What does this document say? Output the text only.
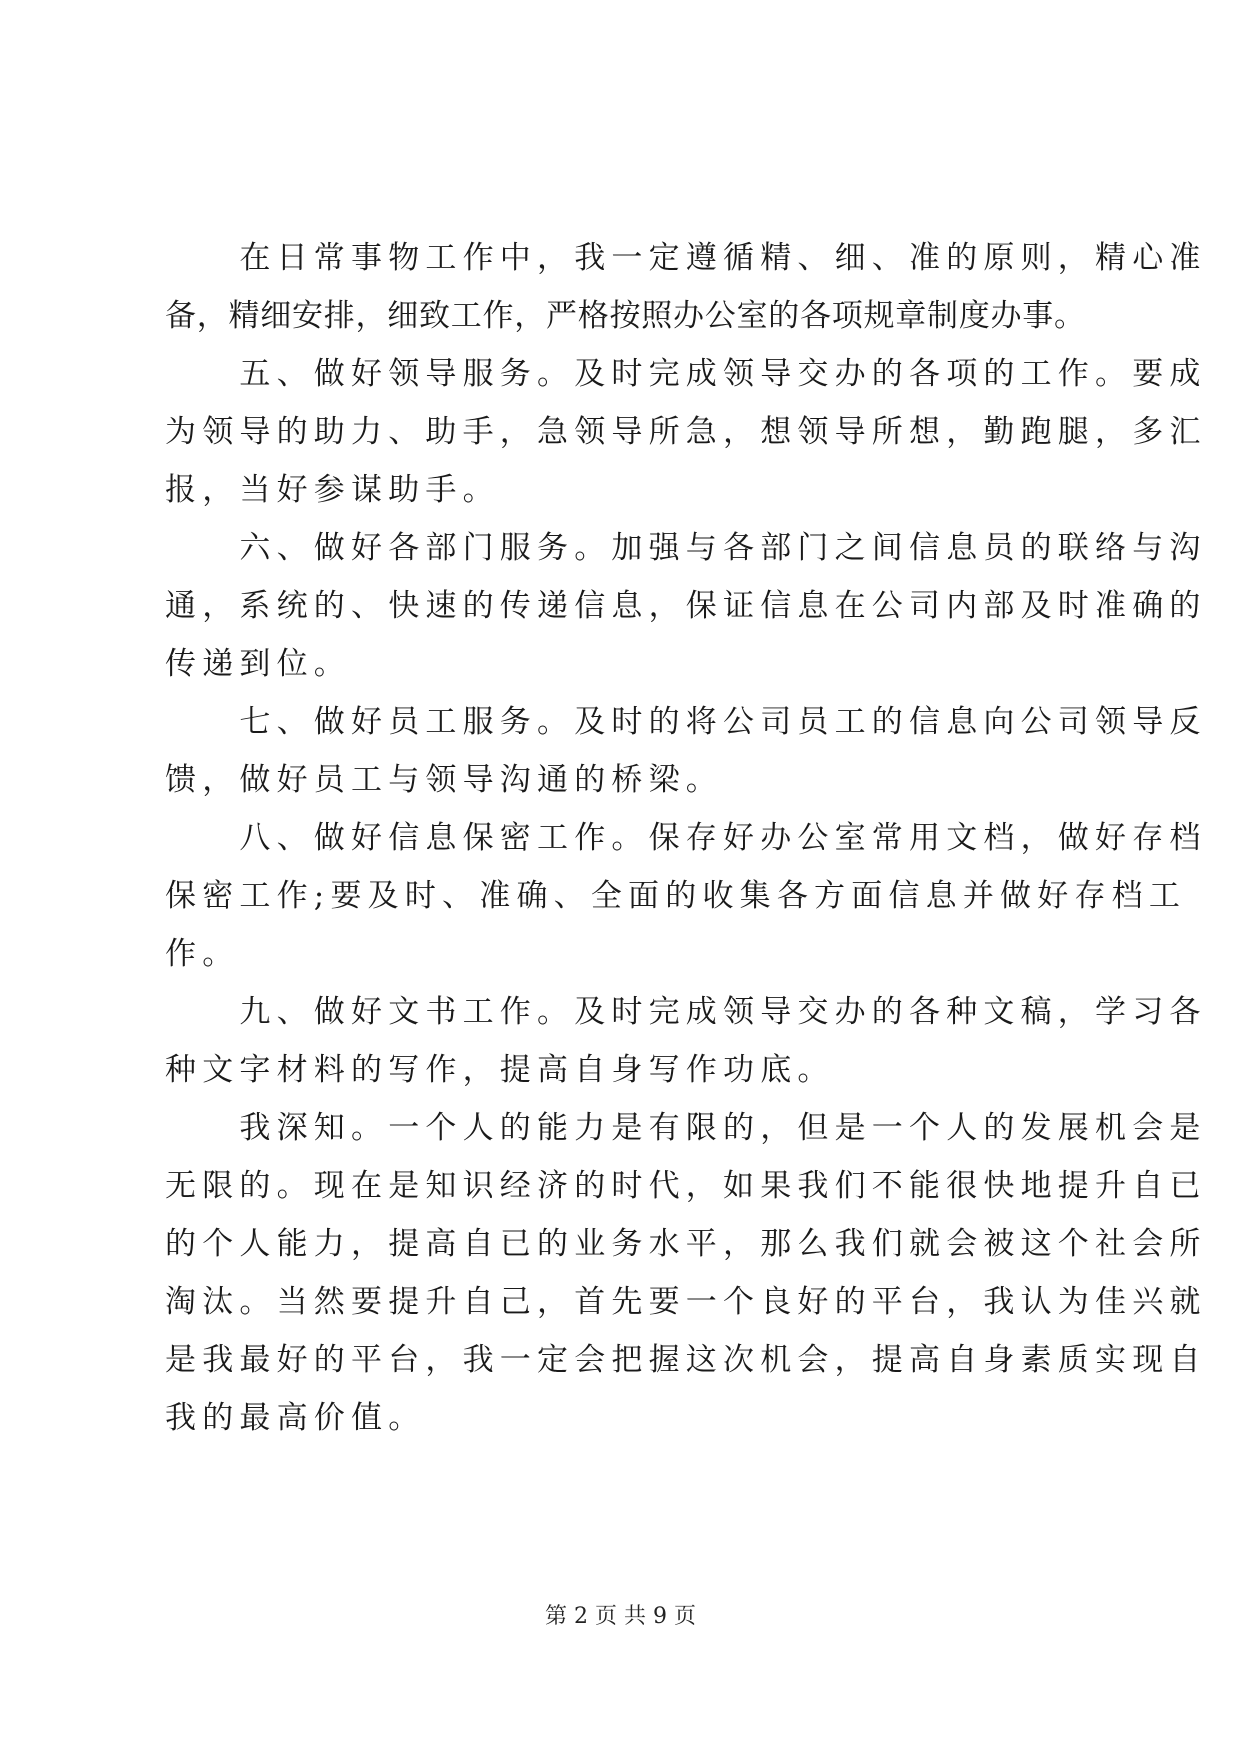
　　在日常事物工作中，我一定遵循精、细、准的原则，精心准
备，精细安排，细致工作，严格按照办公室的各项规章制度办事。
　　五、做好领导服务。及时完成领导交办的各项的工作。要成
为领导的助力、助手，急领导所急，想领导所想，勤跑腿，多汇
报，当好参谋助手。
　　六、做好各部门服务。加强与各部门之间信息员的联络与沟
通，系统的、快速的传递信息，保证信息在公司内部及时准确的
传递到位。
　　七、做好员工服务。及时的将公司员工的信息向公司领导反
馈，做好员工与领导沟通的桥梁。
　　八、做好信息保密工作。保存好办公室常用文档，做好存档
保密工作;要及时、准确、全面的收集各方面信息并做好存档工
作。
　　九、做好文书工作。及时完成领导交办的各种文稿，学习各
种文字材料的写作，提高自身写作功底。
　　我深知。一个人的能力是有限的，但是一个人的发展机会是
无限的。现在是知识经济的时代，如果我们不能很快地提升自已
的个人能力，提高自已的业务水平，那么我们就会被这个社会所
淘汰。当然要提升自己，首先要一个良好的平台，我认为佳兴就
是我最好的平台，我一定会把握这次机会，提高自身素质实现自
我的最高价值。
第 2 页 共 9 页
